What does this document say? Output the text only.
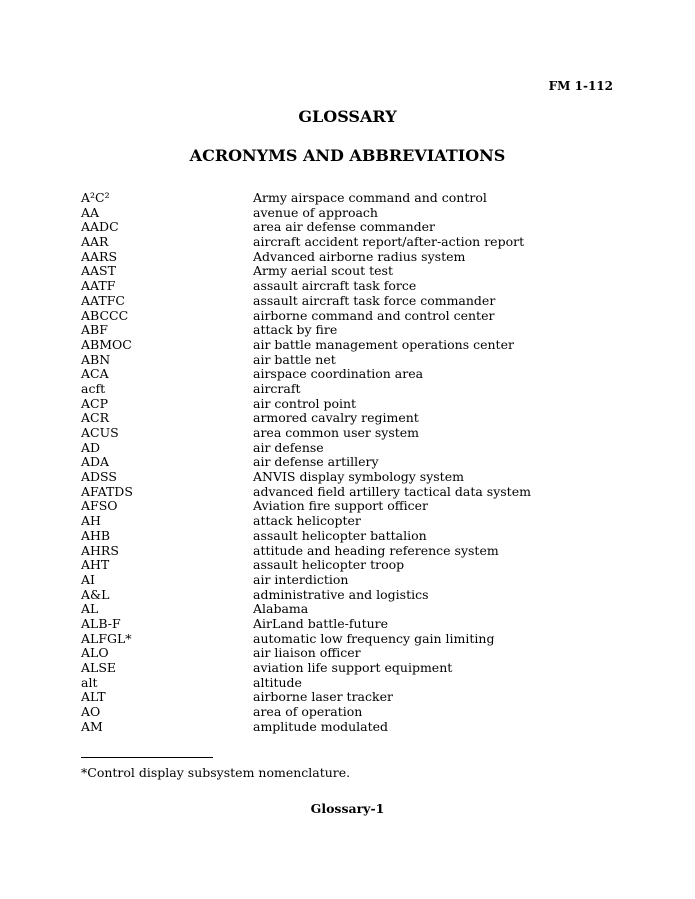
FM 1-112
GLOSSARY
ACRONYMS AND ABBREVIATIONS
A²C²	Army airspace command and control
AA	avenue of approach
AADC	area air defense commander
AAR	aircraft accident report/after-action report
AARS	Advanced airborne radius system
AAST	Army aerial scout test
AATF	assault aircraft task force
AATFC	assault aircraft task force commander
ABCCC	airborne command and control center
ABF	attack by fire
ABMOC	air battle management operations center
ABN	air battle net
ACA	airspace coordination area
acft	aircraft
ACP	air control point
ACR	armored cavalry regiment
ACUS	area common user system
AD	air defense
ADA	air defense artillery
ADSS	ANVIS display symbology system
AFATDS	advanced field artillery tactical data system
AFSO	Aviation fire support officer
AH	attack helicopter
AHB	assault helicopter battalion
AHRS	attitude and heading reference system
AHT	assault helicopter troop
AI	air interdiction
A&L	administrative and logistics
AL	Alabama
ALB-F	AirLand battle-future
ALFGL*	automatic low frequency gain limiting
ALO	air liaison officer
ALSE	aviation life support equipment
alt	altitude
ALT	airborne laser tracker
AO	area of operation
AM	amplitude modulated
*Control display subsystem nomenclature.
Glossary-1
